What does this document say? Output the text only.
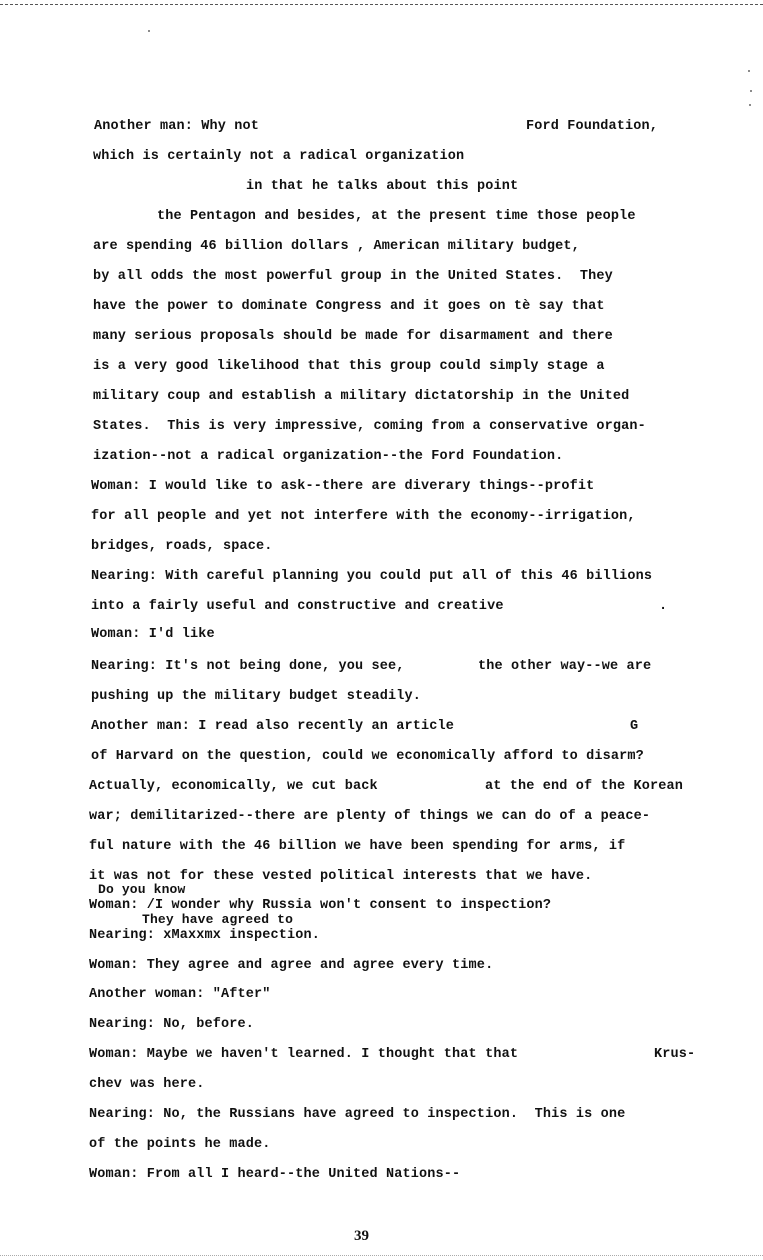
Another man: Why not	Ford Foundation,
which is certainly not a radical organization
in that he talks about this point
the Pentagon and besides, at the present time those people
are spending 46 billion dollars , American military budget,
by all odds the most powerful group in the United States.  They
have the power to dominate Congress and it goes on tè say that
many serious proposals should be made for disarmament and there
is a very good likelihood that this group could simply stage a
military coup and establish a military dictatorship in the United
States.  This is very impressive, coming from a conservative organ-
ization--not a radical organization--the Ford Foundation.
Woman: I would like to ask--there are diverary things--profit
for all people and yet not interfere with the economy--irrigation,
bridges, roads, space.
Nearing: With careful planning you could put all of this 46 billions
into a fairly useful and constructive and creative	.
Woman: I'd like
Nearing: It's not being done, you see,	the other way--we are
pushing up the military budget steadily.
Another man: I read also recently an article	G
of Harvard on the question, could we economically afford to disarm?
Actually, economically, we cut back	at the end of the Korean
war; demilitarized--there are plenty of things we can do of a peace-
ful nature with the 46 billion we have been spending for arms, if
it was not for these vested political interests that we have.
Do you know
Woman: /I wonder why Russia won't consent to inspection?
They have agreed to
Nearing: xMaxxmx inspection.
Woman: They agree and agree and agree every time.
Another woman: "After"
Nearing: No, before.
Woman: Maybe we haven't learned. I thought that that	Krus-
chev was here.
Nearing: No, the Russians have agreed to inspection.  This is one
of the points he made.
Woman: From all I heard--the United Nations--
39
